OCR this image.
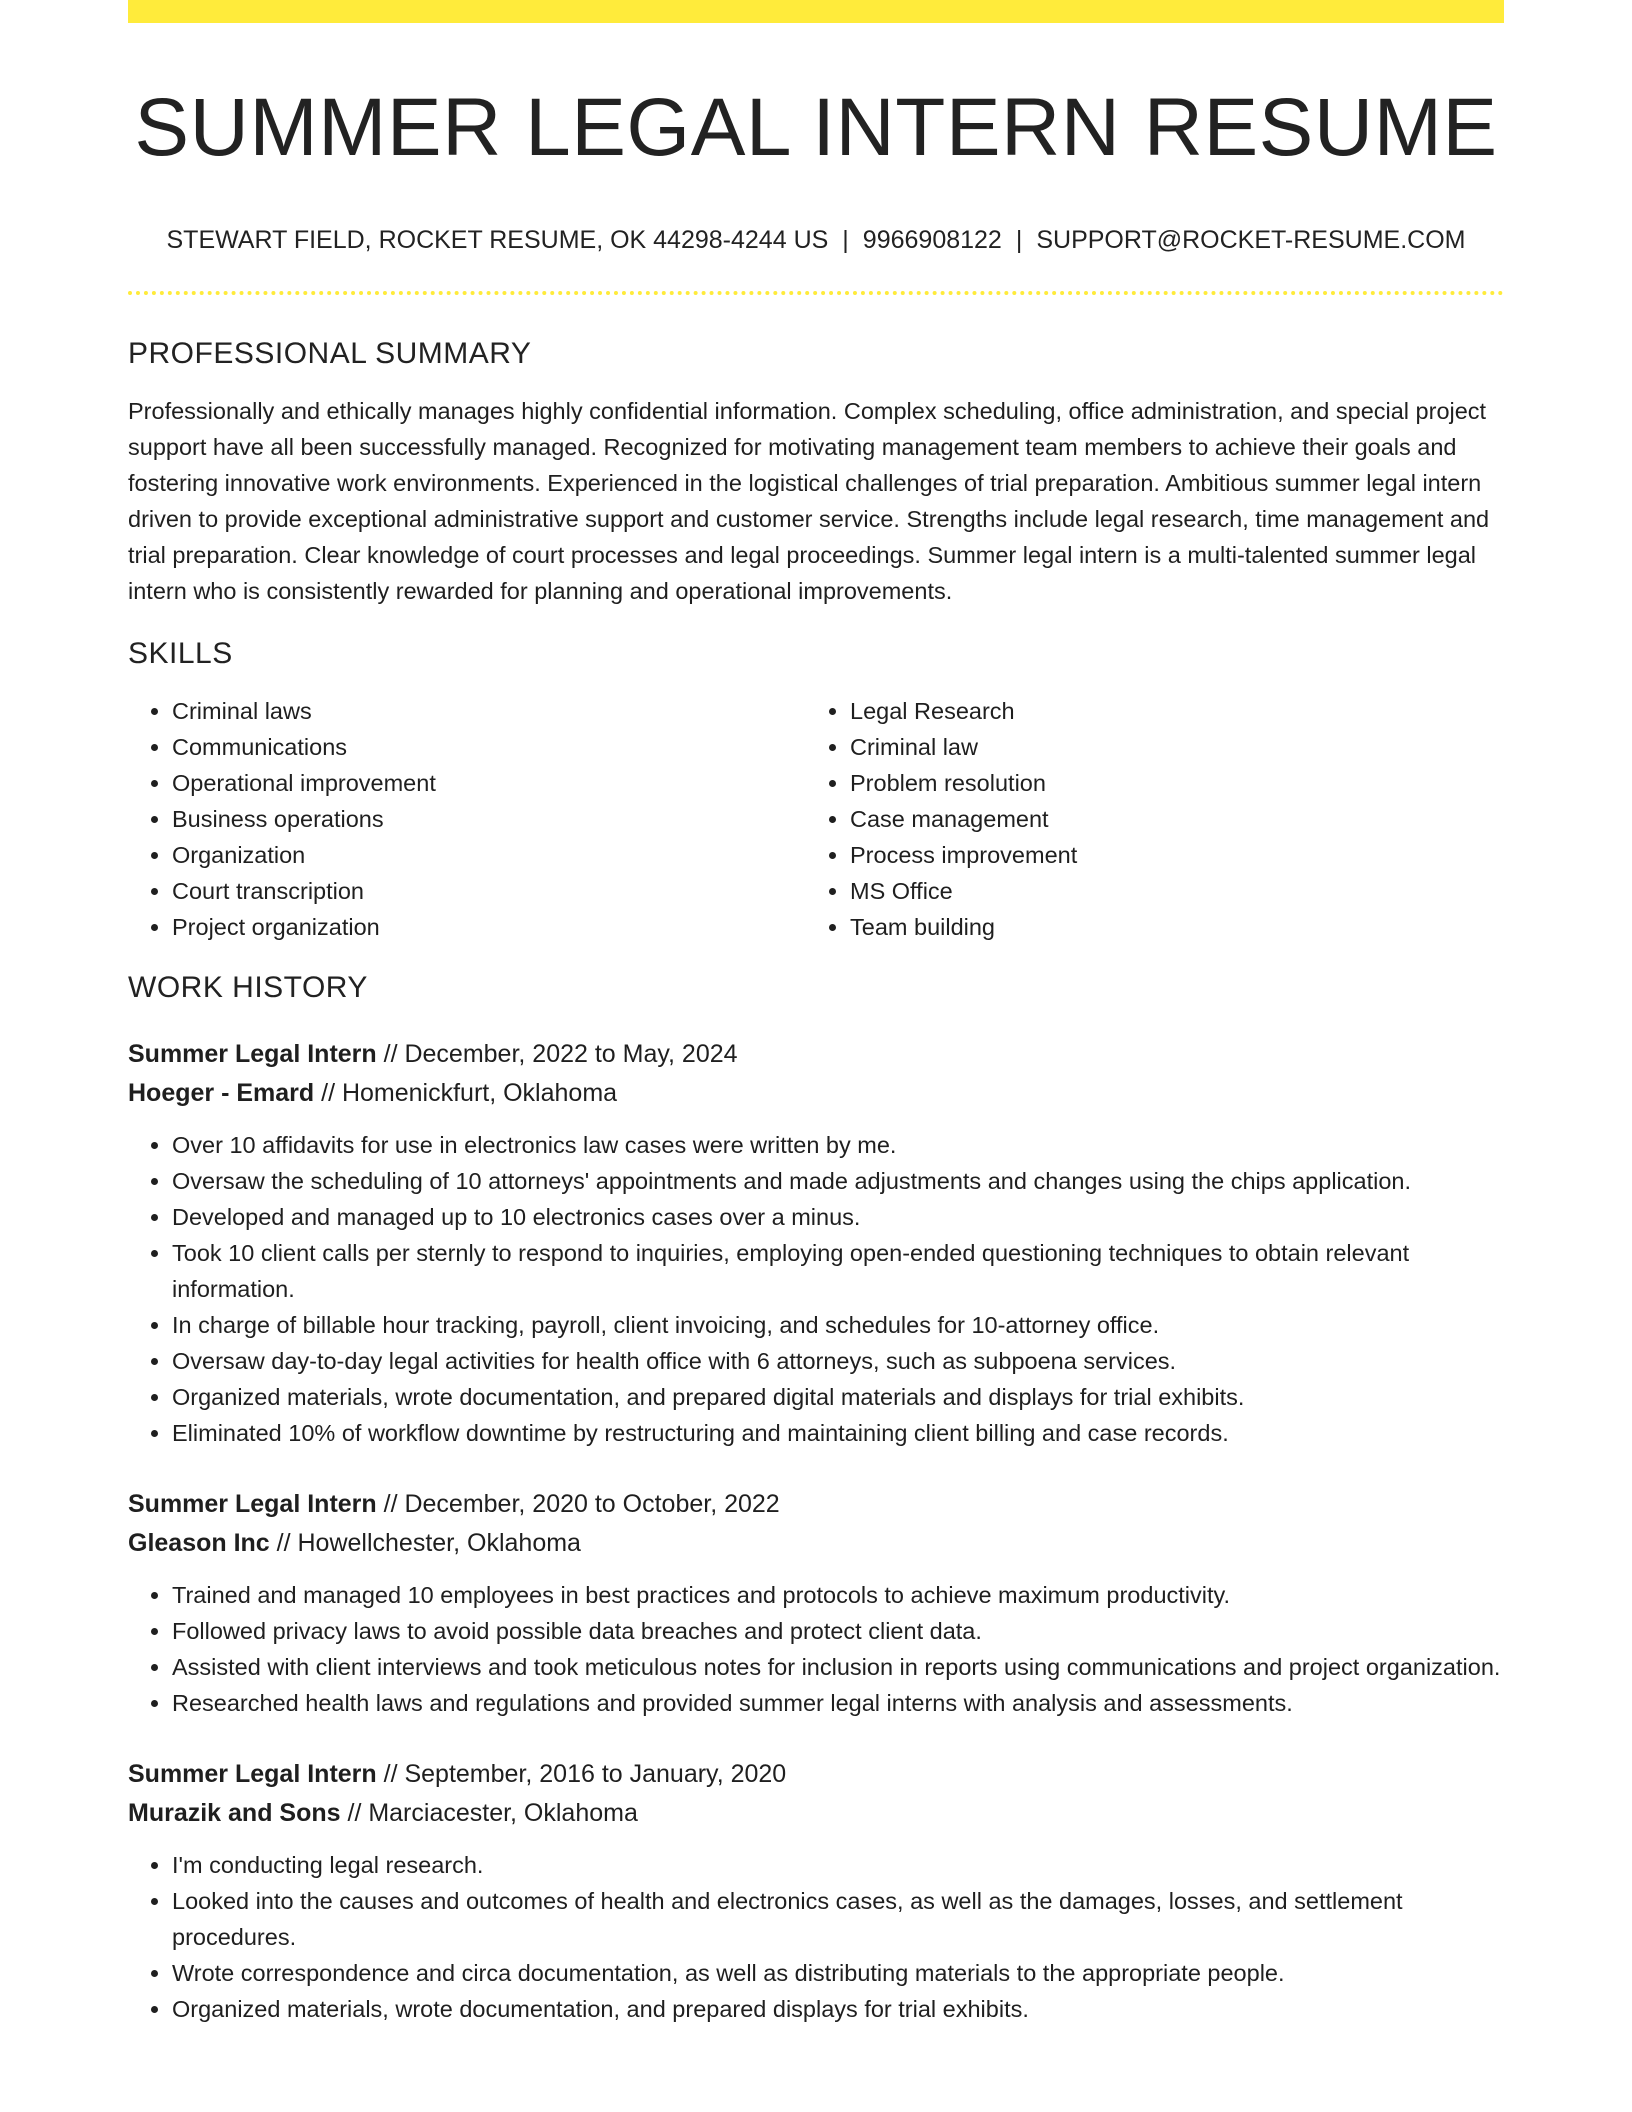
SUMMER LEGAL INTERN RESUME
STEWART FIELD, ROCKET RESUME, OK 44298-4244 US | 9966908122 | SUPPORT@ROCKET-RESUME.COM
PROFESSIONAL SUMMARY

Professionally and ethically manages highly confidential information. Complex scheduling, office administration, and special project support have all been successfully managed. Recognized for motivating management team members to achieve their goals and fostering innovative work environments. Experienced in the logistical challenges of trial preparation. Ambitious summer legal intern driven to provide exceptional administrative support and customer service. Strengths include legal research, time management and trial preparation. Clear knowledge of court processes and legal proceedings. Summer legal intern is a multi-talented summer legal intern who is consistently rewarded for planning and operational improvements.

SKILLS
• Criminal laws
• Communications
• Operational improvement
• Business operations
• Organization
• Court transcription
• Project organization
• Legal Research
• Criminal law
• Problem resolution
• Case management
• Process improvement
• MS Office
• Team building
WORK HISTORY
Summer Legal Intern // December, 2022 to May, 2024
Hoeger - Emard // Homenickfurt, Oklahoma
• Over 10 affidavits for use in electronics law cases were written by me.
• Oversaw the scheduling of 10 attorneys' appointments and made adjustments and changes using the chips application.
• Developed and managed up to 10 electronics cases over a minus.
• Took 10 client calls per sternly to respond to inquiries, employing open-ended questioning techniques to obtain relevant information.
• In charge of billable hour tracking, payroll, client invoicing, and schedules for 10-attorney office.
• Oversaw day-to-day legal activities for health office with 6 attorneys, such as subpoena services.
• Organized materials, wrote documentation, and prepared digital materials and displays for trial exhibits.
• Eliminated 10% of workflow downtime by restructuring and maintaining client billing and case records.
Summer Legal Intern // December, 2020 to October, 2022
Gleason Inc // Howellchester, Oklahoma
• Trained and managed 10 employees in best practices and protocols to achieve maximum productivity.
• Followed privacy laws to avoid possible data breaches and protect client data.
• Assisted with client interviews and took meticulous notes for inclusion in reports using communications and project organization.
• Researched health laws and regulations and provided summer legal interns with analysis and assessments.
Summer Legal Intern // September, 2016 to January, 2020
Murazik and Sons // Marciacester, Oklahoma
• I'm conducting legal research.
• Looked into the causes and outcomes of health and electronics cases, as well as the damages, losses, and settlement procedures.
• Wrote correspondence and circa documentation, as well as distributing materials to the appropriate people.
• Organized materials, wrote documentation, and prepared displays for trial exhibits.
